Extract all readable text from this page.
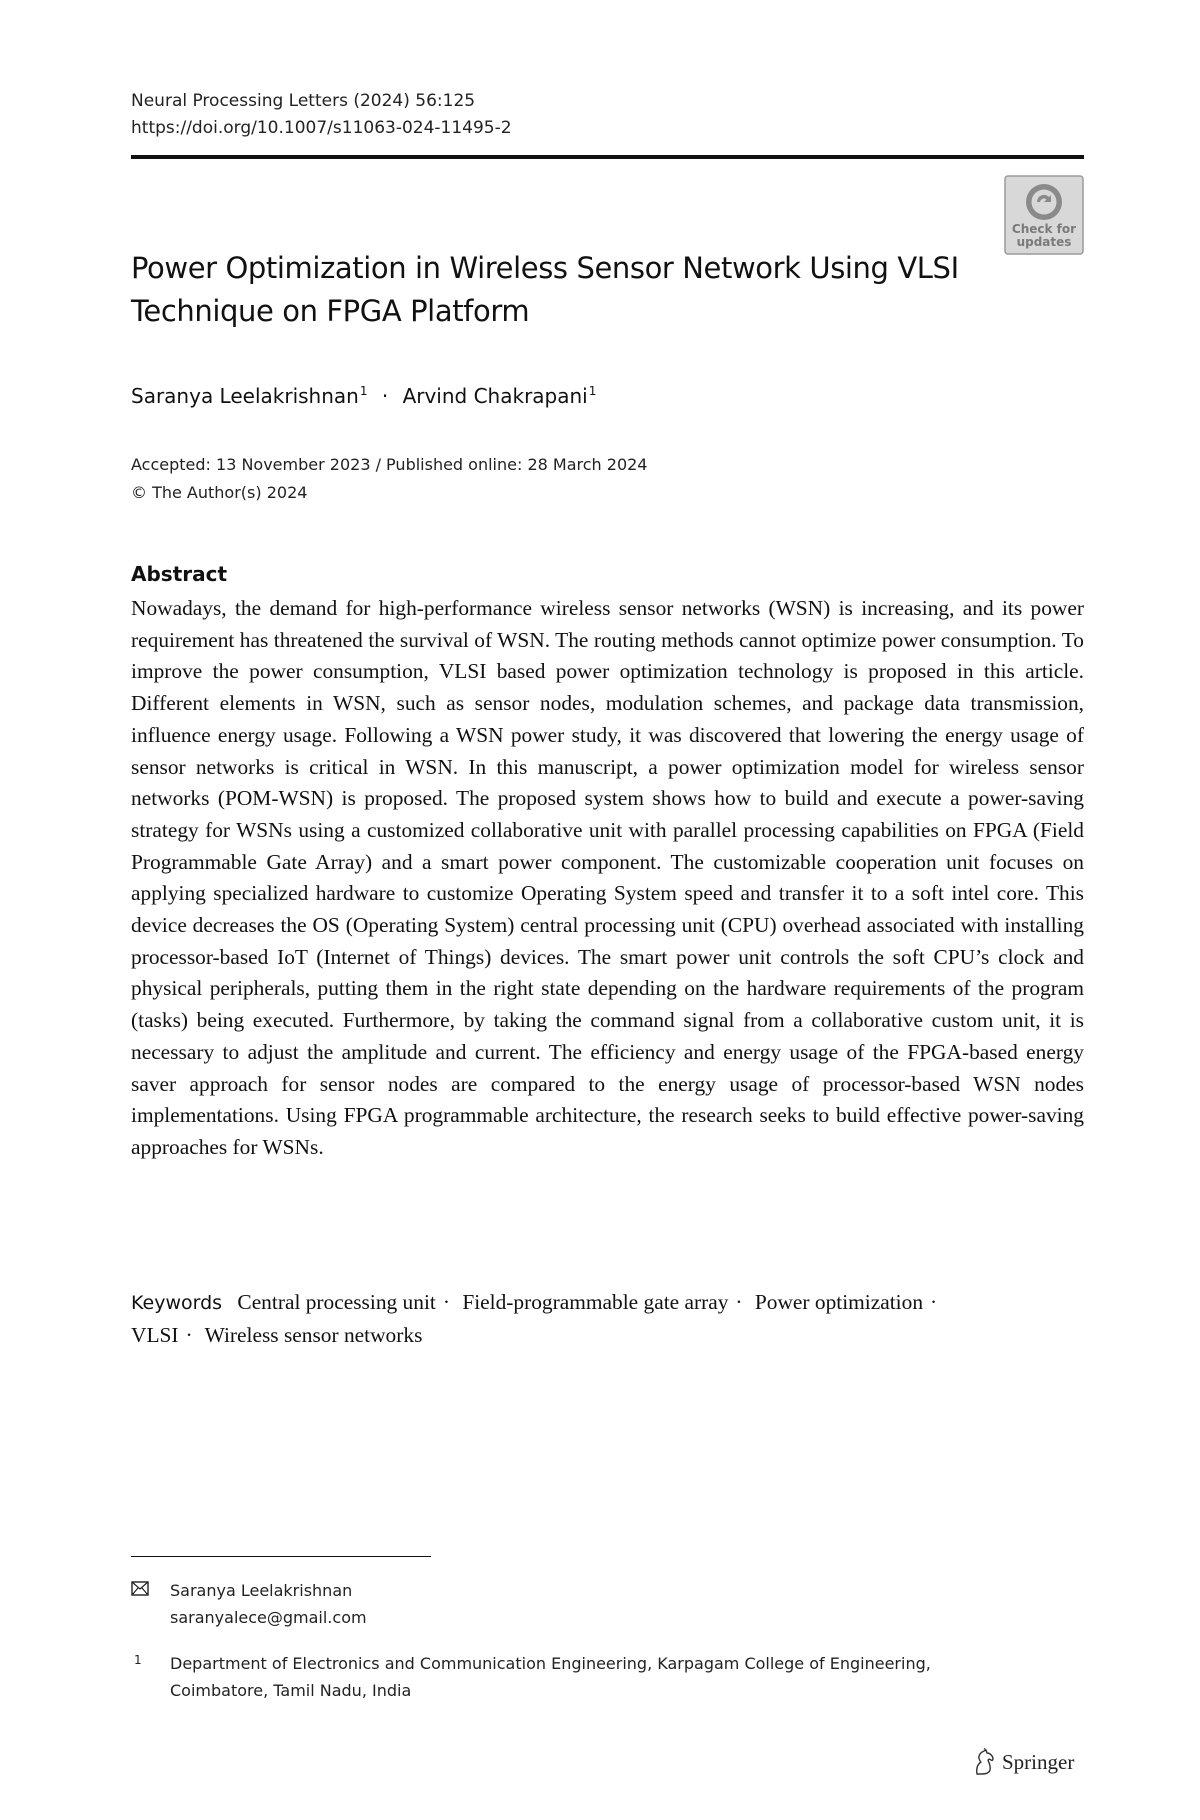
Neural Processing Letters (2024) 56:125
https://doi.org/10.1007/s11063-024-11495-2
Check for
updates
Power Optimization in Wireless Sensor Network Using VLSI Technique on FPGA Platform
Saranya Leelakrishnan$^1$ · Arvind Chakrapani$^1$
Accepted: 13 November 2023 / Published online: 28 March 2024
© The Author(s) 2024
Abstract
Nowadays, the demand for high-performance wireless sensor networks (WSN) is increasing, and its power requirement has threatened the survival of WSN. The routing methods cannot optimize power consumption. To improve the power consumption, VLSI based power optimization technology is proposed in this article. Different elements in WSN, such as sensor nodes, modulation schemes, and package data transmission, influence energy usage. Following a WSN power study, it was discovered that lowering the energy usage of sensor networks is critical in WSN. In this manuscript, a power optimization model for wireless sensor networks (POM-WSN) is proposed. The proposed system shows how to build and execute a power-saving strategy for WSNs using a customized collaborative unit with parallel processing capabilities on FPGA (Field Programmable Gate Array) and a smart power component. The customizable cooperation unit focuses on applying specialized hardware to customize Operating System speed and transfer it to a soft intel core. This device decreases the OS (Operating System) central processing unit (CPU) overhead associated with installing processor-based IoT (Internet of Things) devices. The smart power unit controls the soft CPU’s clock and physical peripherals, putting them in the right state depending on the hardware requirements of the program (tasks) being executed. Furthermore, by taking the command signal from a collaborative custom unit, it is necessary to adjust the amplitude and current. The efficiency and energy usage of the FPGA-based energy saver approach for sensor nodes are compared to the energy usage of processor-based WSN nodes implementations. Using FPGA programmable architecture, the research seeks to build effective power-saving approaches for WSNs.
Keywords Central processing unit · Field-programmable gate array · Power optimization ·
VLSI · Wireless sensor networks
Saranya Leelakrishnan
saranyalece@gmail.com
1 Department of Electronics and Communication Engineering, Karpagam College of Engineering,
Coimbatore, Tamil Nadu, India
Springer
